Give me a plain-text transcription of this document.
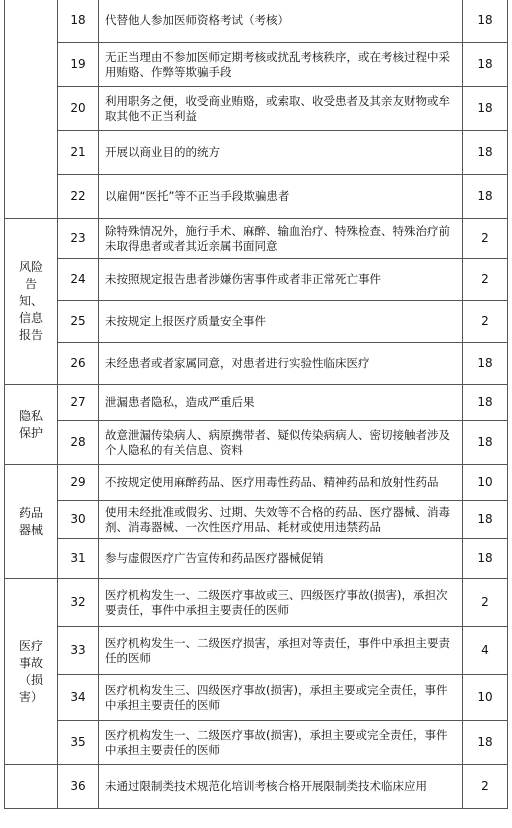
	18	代替他人参加医师资格考试（考核）	18
	19	无正当理由不参加医师定期考核或扰乱考核秩序，或在考核过程中采用贿赂、作弊等欺骗手段	18
	20	利用职务之便，收受商业贿赂，或索取、收受患者及其亲友财物或牟取其他不正当利益	18
	21	开展以商业目的的统方	18
	22	以雇佣“医托”等不正当手段欺骗患者	18

风险告知、信息报告	23	除特殊情况外，施行手术、麻醉、输血治疗、特殊检查、特殊治疗前未取得患者或者其近亲属书面同意	2
	24	未按照规定报告患者涉嫌伤害事件或者非正常死亡事件	2
	25	未按规定上报医疗质量安全事件	2
	26	未经患者或者家属同意，对患者进行实验性临床医疗	18

隐私保护	27	泄漏患者隐私，造成严重后果	18
	28	故意泄漏传染病人、病原携带者、疑似传染病病人、密切接触者涉及个人隐私的有关信息、资料	18

药品器械	29	不按规定使用麻醉药品、医疗用毒性药品、精神药品和放射性药品	10
	30	使用未经批准或假劣、过期、失效等不合格的药品、医疗器械、消毒剂、消毒器械、一次性医疗用品、耗材或使用违禁药品	18
	31	参与虚假医疗广告宣传和药品医疗器械促销	18

医疗事故（损害）	32	医疗机构发生一、二级医疗事故或三、四级医疗事故(损害)，承担次要责任，事件中承担主要责任的医师	2
	33	医疗机构发生一、二级医疗损害，承担对等责任，事件中承担主要责任的医师	4
	34	医疗机构发生三、四级医疗事故(损害)，承担主要或完全责任，事件中承担主要责任的医师	10
	35	医疗机构发生一、二级医疗事故(损害)，承担主要或完全责任，事件中承担主要责任的医师	18
	36	未通过限制类技术规范化培训考核合格开展限制类技术临床应用	2
